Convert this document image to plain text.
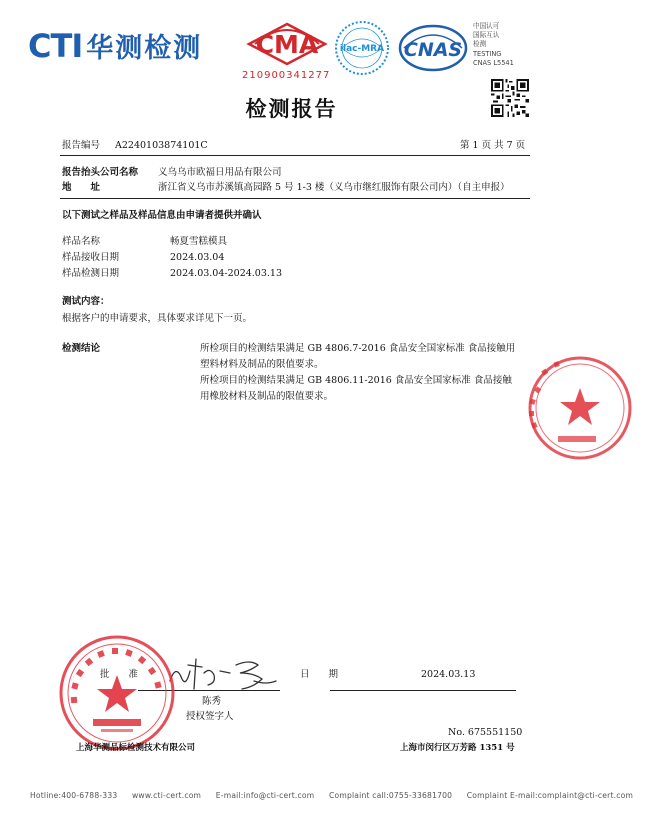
CTI 华测检测 CMA
210900341277
ilac-MRA CNAS
中国认可
国际互认
检测
TESTING
CNAS L5541
检测报告
报告编号 A2240103874101C	第 1 页 共 7 页
报告抬头公司名称 义乌乌市欧福日用品有限公司
地　　址	浙江省义乌市苏溪镇高园路 5 号 1-3 楼（义乌市继红服饰有限公司内）（自主申报）
以下测试之样品及样品信息由申请者提供并确认
样品名称	畅夏雪糕模具
样品接收日期	2024.03.04
样品检测日期	2024.03.04-2024.03.13
测试内容：
根据客户的申请要求，具体要求详见下一页。
检测结论	所检项目的检测结果满足 GB 4806.7-2016 食品安全国家标准 食品接触用
塑料材料及制品的限值要求。
所检项目的检测结果满足 GB 4806.11-2016 食品安全国家标准 食品接触
用橡胶材料及制品的限值要求。
批　　准	日　　期	2024.03.13
陈秀
授权签字人
No. 675551150
上海华测品标检测技术有限公司	上海市闵行区万芳路 1351 号
Hotline:400-6788-333 www.cti-cert.com E-mail:info@cti-cert.com Complaint call:0755-33681700 Complaint E-mail:complaint@cti-cert.com
